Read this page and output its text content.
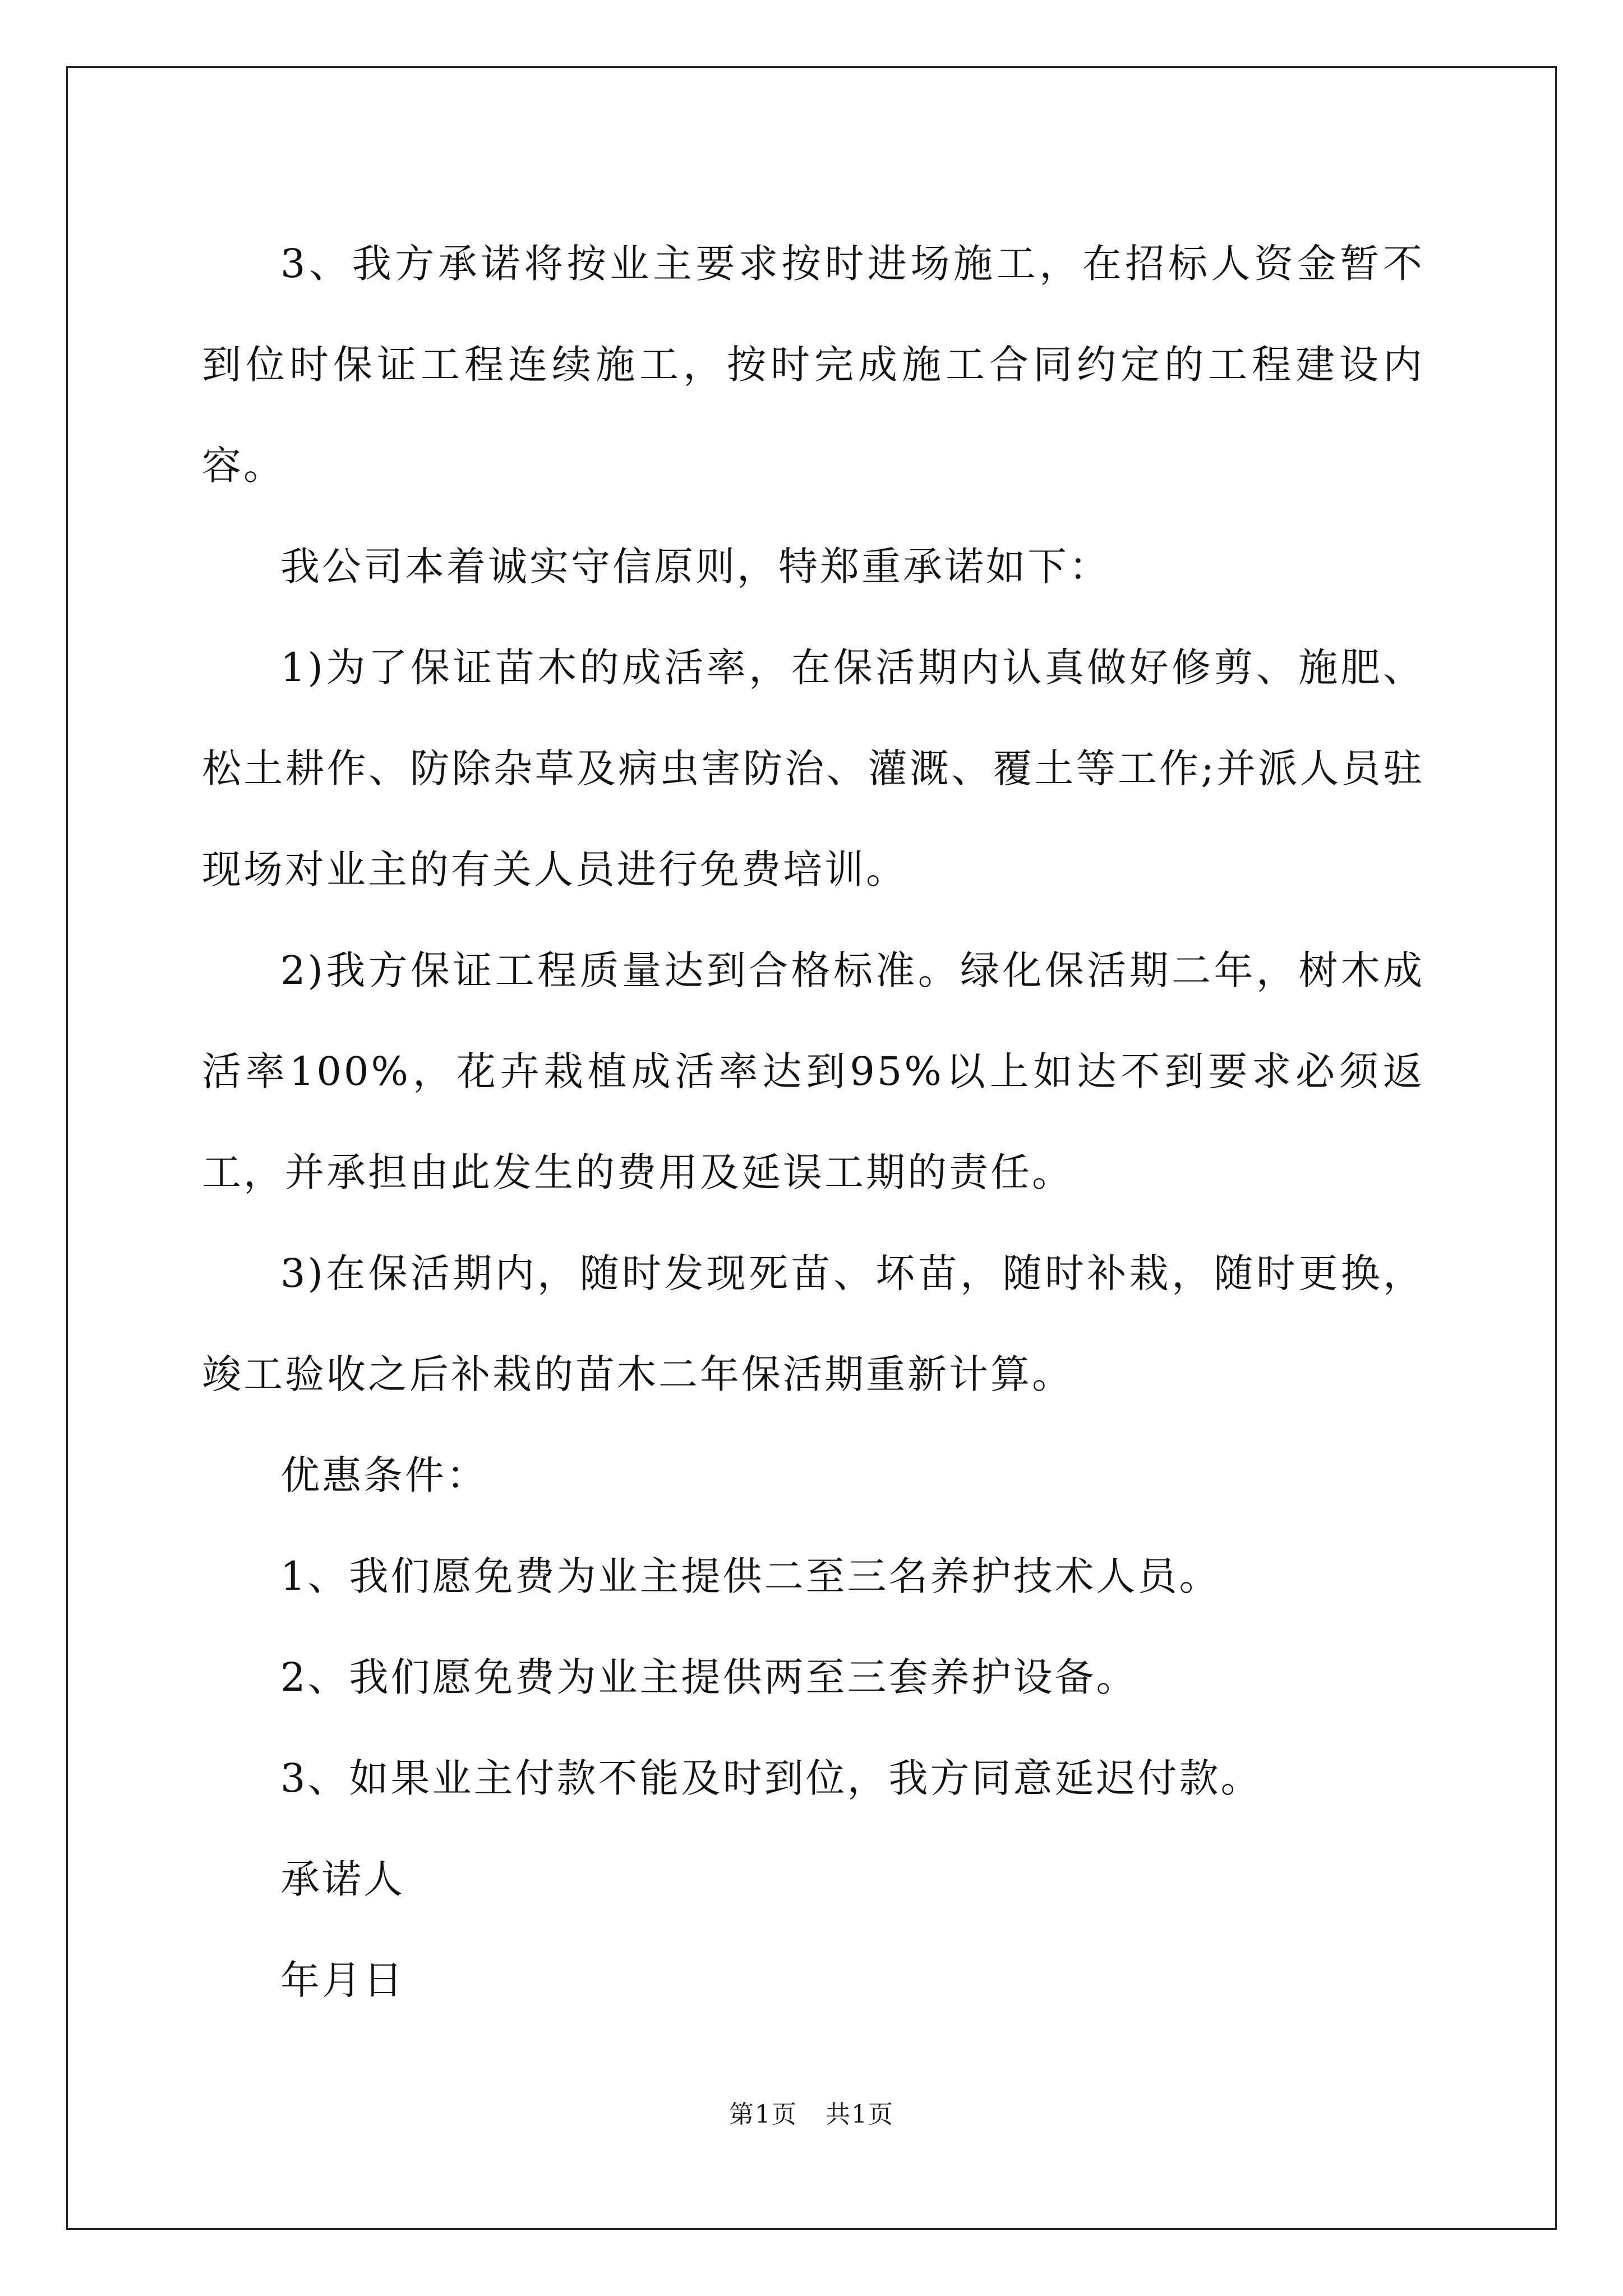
3、我方承诺将按业主要求按时进场施工，在招标人资金暂不到位时保证工程连续施工，按时完成施工合同约定的工程建设内容。

我公司本着诚实守信原则，特郑重承诺如下：

1)为了保证苗木的成活率，在保活期内认真做好修剪、施肥、松土耕作、防除杂草及病虫害防治、灌溉、覆土等工作;并派人员驻现场对业主的有关人员进行免费培训。

2)我方保证工程质量达到合格标准。绿化保活期二年，树木成活率100%，花卉栽植成活率达到95%以上如达不到要求必须返工，并承担由此发生的费用及延误工期的责任。

3)在保活期内，随时发现死苗、坏苗，随时补栽，随时更换，竣工验收之后补栽的苗木二年保活期重新计算。

优惠条件：

1、我们愿免费为业主提供二至三名养护技术人员。

2、我们愿免费为业主提供两至三套养护设备。

3、如果业主付款不能及时到位，我方同意延迟付款。

承诺人

年月日

第1页 共1页
